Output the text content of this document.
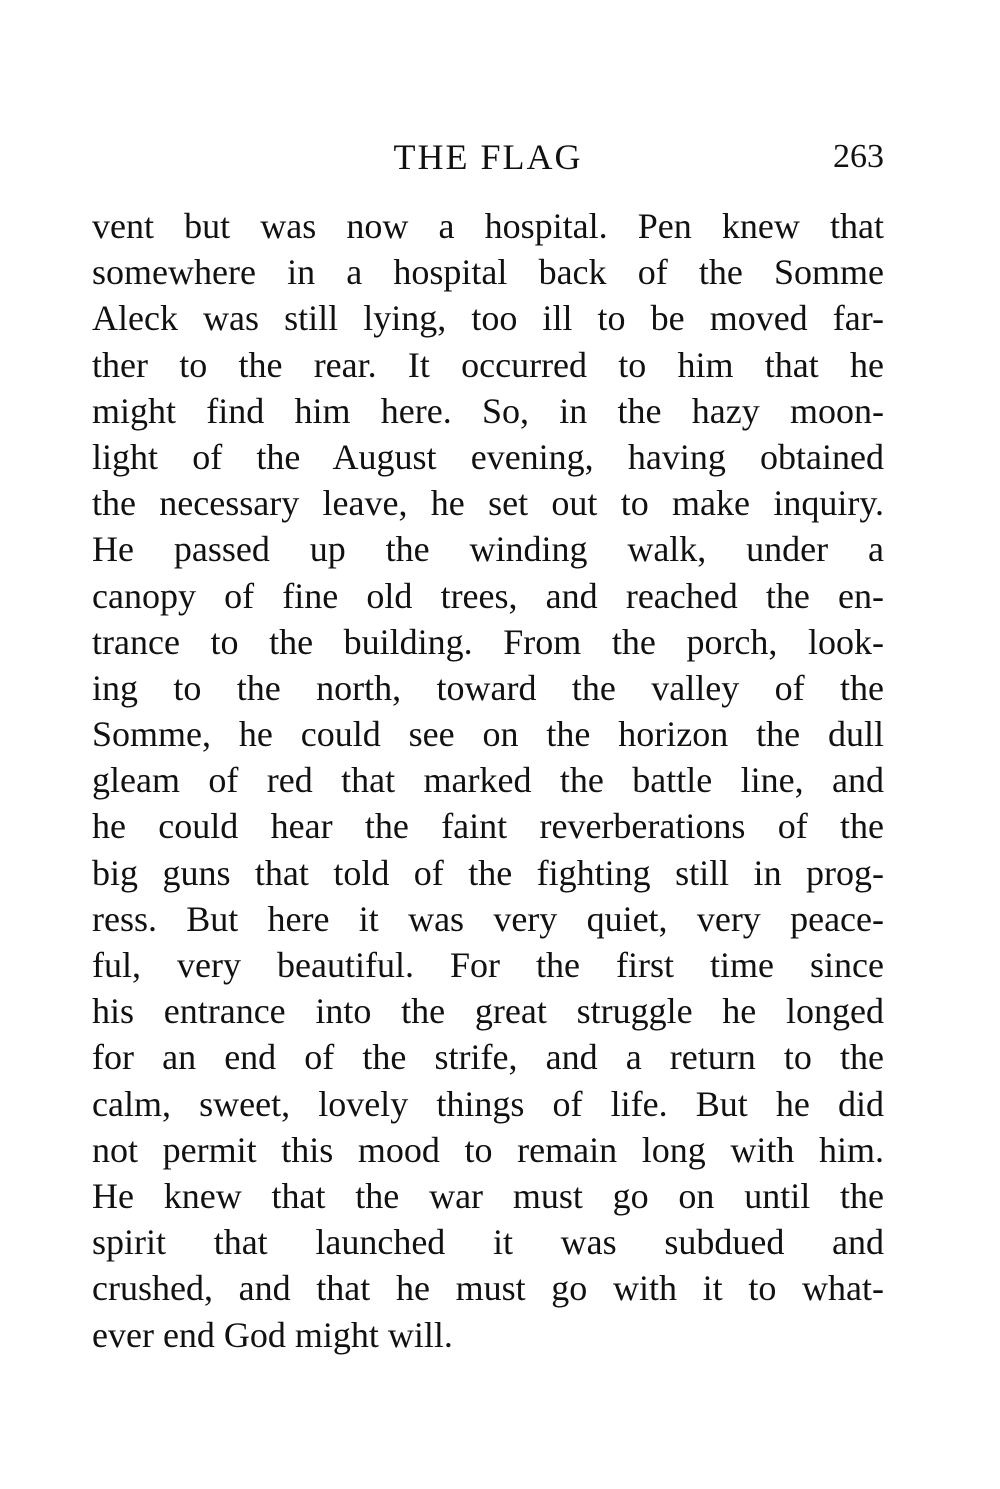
THE FLAG	263
vent but was now a hospital. Pen knew that
somewhere in a hospital back of the Somme
Aleck was still lying, too ill to be moved far-
ther to the rear. It occurred to him that he
might find him here. So, in the hazy moon-
light of the August evening, having obtained
the necessary leave, he set out to make inquiry.
He passed up the winding walk, under a
canopy of fine old trees, and reached the en-
trance to the building. From the porch, look-
ing to the north, toward the valley of the
Somme, he could see on the horizon the dull
gleam of red that marked the battle line, and
he could hear the faint reverberations of the
big guns that told of the fighting still in prog-
ress. But here it was very quiet, very peace-
ful, very beautiful. For the first time since
his entrance into the great struggle he longed
for an end of the strife, and a return to the
calm, sweet, lovely things of life. But he did
not permit this mood to remain long with him.
He knew that the war must go on until the
spirit that launched it was subdued and
crushed, and that he must go with it to what-
ever end God might will.
